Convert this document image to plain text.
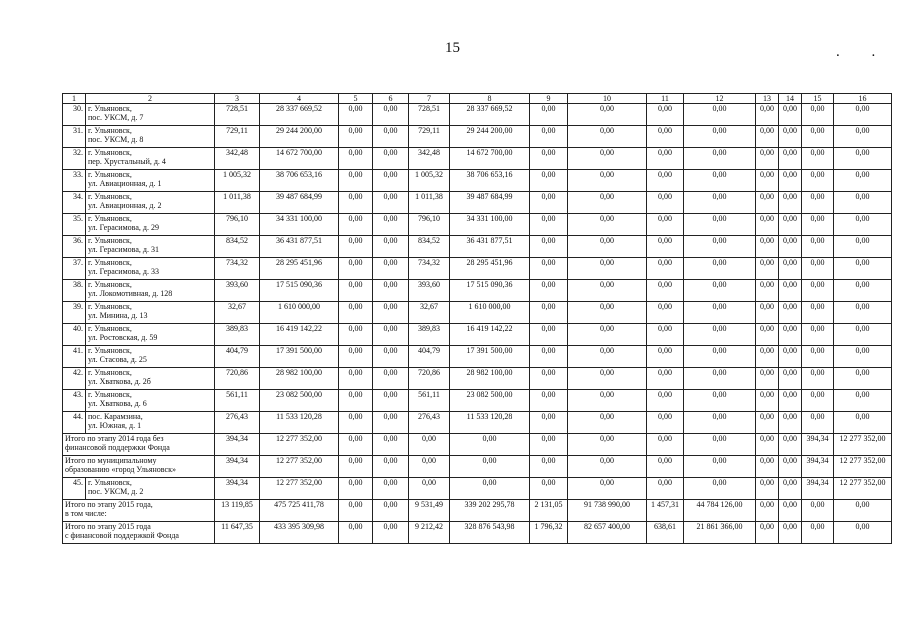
15	. .
1	2	3	4	5	6	7	8	9	10	11	12	13	14	15	16
30.	г. Ульяновск,
пос. УКСМ, д. 7	728,51	28 337 669,52	0,00	0,00	728,51	28 337 669,52	0,00	0,00	0,00	0,00	0,00	0,00	0,00	0,00
31.	г. Ульяновск,
пос. УКСМ, д. 8	729,11	29 244 200,00	0,00	0,00	729,11	29 244 200,00	0,00	0,00	0,00	0,00	0,00	0,00	0,00	0,00
32.	г. Ульяновск,
пер. Хрустальный, д. 4	342,48	14 672 700,00	0,00	0,00	342,48	14 672 700,00	0,00	0,00	0,00	0,00	0,00	0,00	0,00	0,00
33.	г. Ульяновск,
ул. Авиационная, д. 1	1 005,32	38 706 653,16	0,00	0,00	1 005,32	38 706 653,16	0,00	0,00	0,00	0,00	0,00	0,00	0,00	0,00
34.	г. Ульяновск,
ул. Авиационная, д. 2	1 011,38	39 487 684,99	0,00	0,00	1 011,38	39 487 684,99	0,00	0,00	0,00	0,00	0,00	0,00	0,00	0,00
35.	г. Ульяновск,
ул. Герасимова, д. 29	796,10	34 331 100,00	0,00	0,00	796,10	34 331 100,00	0,00	0,00	0,00	0,00	0,00	0,00	0,00	0,00
36.	г. Ульяновск,
ул. Герасимова, д. 31	834,52	36 431 877,51	0,00	0,00	834,52	36 431 877,51	0,00	0,00	0,00	0,00	0,00	0,00	0,00	0,00
37.	г. Ульяновск,
ул. Герасимова, д. 33	734,32	28 295 451,96	0,00	0,00	734,32	28 295 451,96	0,00	0,00	0,00	0,00	0,00	0,00	0,00	0,00
38.	г. Ульяновск,
ул. Локомотивная, д. 128	393,60	17 515 090,36	0,00	0,00	393,60	17 515 090,36	0,00	0,00	0,00	0,00	0,00	0,00	0,00	0,00
39.	г. Ульяновск,
ул. Минина, д. 13	32,67	1 610 000,00	0,00	0,00	32,67	1 610 000,00	0,00	0,00	0,00	0,00	0,00	0,00	0,00	0,00
40.	г. Ульяновск,
ул. Ростовская, д. 59	389,83	16 419 142,22	0,00	0,00	389,83	16 419 142,22	0,00	0,00	0,00	0,00	0,00	0,00	0,00	0,00
41.	г. Ульяновск,
ул. Стасова, д. 25	404,79	17 391 500,00	0,00	0,00	404,79	17 391 500,00	0,00	0,00	0,00	0,00	0,00	0,00	0,00	0,00
42.	г. Ульяновск,
ул. Хваткова, д. 2б	720,86	28 982 100,00	0,00	0,00	720,86	28 982 100,00	0,00	0,00	0,00	0,00	0,00	0,00	0,00	0,00
43.	г. Ульяновск,
ул. Хваткова, д. 6	561,11	23 082 500,00	0,00	0,00	561,11	23 082 500,00	0,00	0,00	0,00	0,00	0,00	0,00	0,00	0,00
44.	пос. Карамзина,
ул. Южная, д. 1	276,43	11 533 120,28	0,00	0,00	276,43	11 533 120,28	0,00	0,00	0,00	0,00	0,00	0,00	0,00	0,00

Итого по этапу 2014 года без
финансовой поддержки Фонда		394,34	12 277 352,00	0,00	0,00	0,00	0,00	0,00	0,00	0,00	0,00	0,00	0,00	394,34	12 277 352,00

Итого по муниципальному
образованию «город Ульяновск»		394,34	12 277 352,00	0,00	0,00	0,00	0,00	0,00	0,00	0,00	0,00	0,00	0,00	394,34	12 277 352,00
45.	г. Ульяновск,
пос. УКСМ, д. 2	394,34	12 277 352,00	0,00	0,00	0,00	0,00	0,00	0,00	0,00	0,00	0,00	0,00	394,34	12 277 352,00

Итого по этапу 2015 года,
в том числе:		13 119,85	475 725 411,78	0,00	0,00	9 531,49	339 202 295,78	2 131,05	91 738 990,00	1 457,31	44 784 126,00	0,00	0,00	0,00	0,00

Итого по этапу 2015 года
с финансовой поддержкой Фонда		11 647,35	433 395 309,98	0,00	0,00	9 212,42	328 876 543,98	1 796,32	82 657 400,00	638,61	21 861 366,00	0,00	0,00	0,00	0,00
